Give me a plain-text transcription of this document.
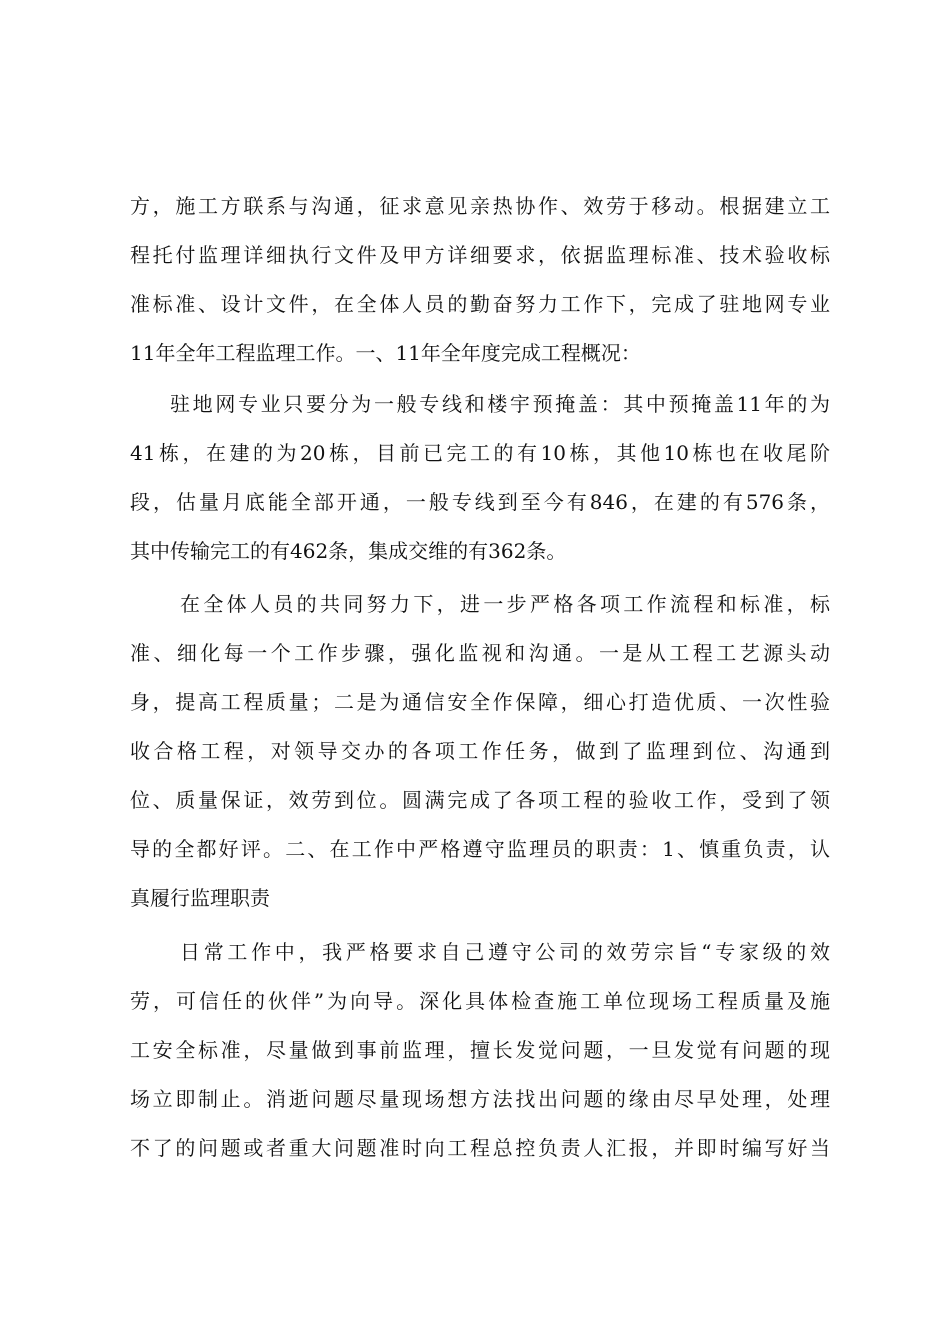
方，施工方联系与沟通，征求意见亲热协作、效劳于移动。根据建立工
程托付监理详细执行文件及甲方详细要求，依据监理标准、技术验收标
准标准、设计文件，在全体人员的勤奋努力工作下，完成了驻地网专业
11年全年工程监理工作。一、11年全年度完成工程概况：
驻地网专业只要分为一般专线和楼宇预掩盖：其中预掩盖11年的为
41栋，在建的为20栋，目前已完工的有10栋，其他10栋也在收尾阶
段，估量月底能全部开通，一般专线到至今有846，在建的有576条，
其中传输完工的有462条，集成交维的有362条。
在全体人员的共同努力下，进一步严格各项工作流程和标准，标
准、细化每一个工作步骤，强化监视和沟通。一是从工程工艺源头动
身，提高工程质量；二是为通信安全作保障，细心打造优质、一次性验
收合格工程，对领导交办的各项工作任务，做到了监理到位、沟通到
位、质量保证，效劳到位。圆满完成了各项工程的验收工作，受到了领
导的全都好评。二、在工作中严格遵守监理员的职责：1、慎重负责，认
真履行监理职责
日常工作中，我严格要求自己遵守公司的效劳宗旨“专家级的效
劳，可信任的伙伴”为向导。深化具体检查施工单位现场工程质量及施
工安全标准，尽量做到事前监理，擅长发觉问题，一旦发觉有问题的现
场立即制止。消逝问题尽量现场想方法找出问题的缘由尽早处理，处理
不了的问题或者重大问题准时向工程总控负责人汇报，并即时编写好当
